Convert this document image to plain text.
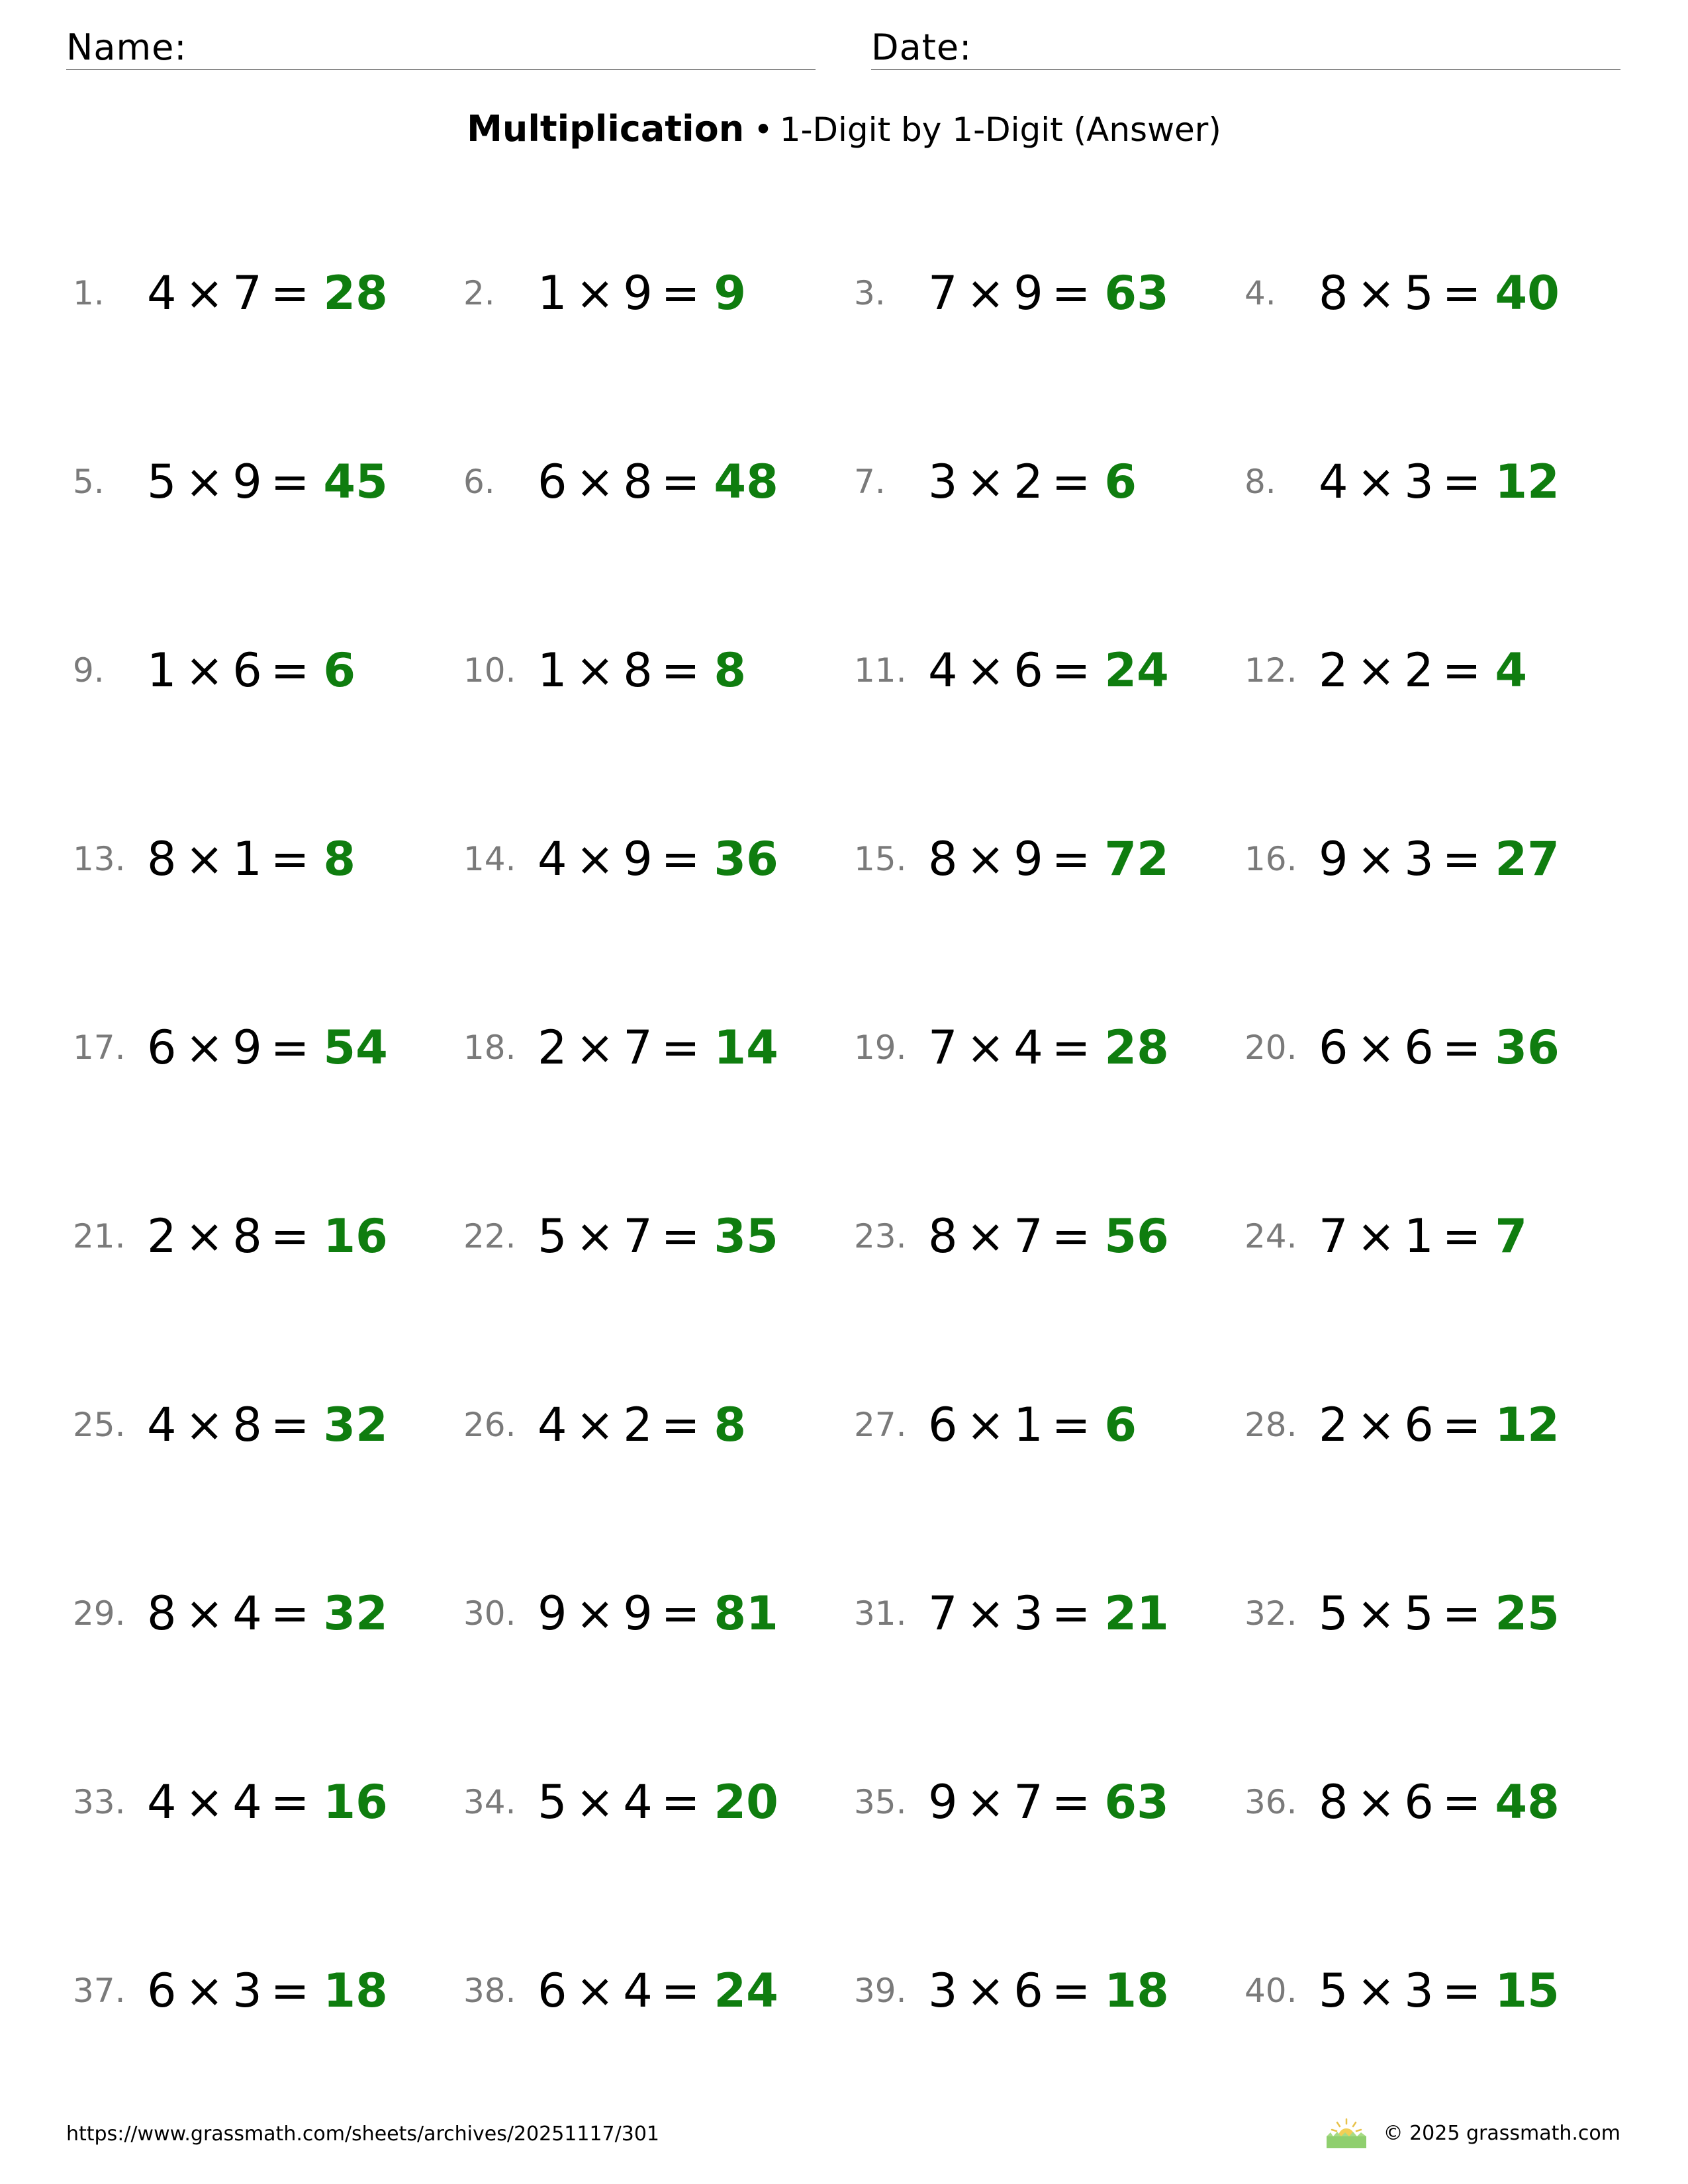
Name:	Date:
Multiplication • 1-Digit by 1-Digit (Answer)
1. 4 × 7 = 28 2. 1 × 9 = 9	3. 7 × 9 = 63 4. 8 × 5 = 40
5. 5 × 9 = 45 6. 6 × 8 = 48 7. 3 × 2 = 6	8. 4 × 3 = 12
9. 1 × 6 = 6	10. 1 × 8 = 8	11. 4 × 6 = 24 12. 2 × 2 = 4
13. 8 × 1 = 8	14. 4 × 9 = 36 15. 8 × 9 = 72 16. 9 × 3 = 27
17. 6 × 9 = 54 18. 2 × 7 = 14 19. 7 × 4 = 28 20. 6 × 6 = 36
21. 2 × 8 = 16 22. 5 × 7 = 35 23. 8 × 7 = 56 24. 7 × 1 = 7
25. 4 × 8 = 32 26. 4 × 2 = 8	27. 6 × 1 = 6	28. 2 × 6 = 12
29. 8 × 4 = 32 30. 9 × 9 = 81 31. 7 × 3 = 21 32. 5 × 5 = 25
33. 4 × 4 = 16 34. 5 × 4 = 20 35. 9 × 7 = 63 36. 8 × 6 = 48
37. 6 × 3 = 18 38. 6 × 4 = 24 39. 3 × 6 = 18 40. 5 × 3 = 15
https://www.grassmath.com/sheets/archives/20251117/301	© 2025 grassmath.com
